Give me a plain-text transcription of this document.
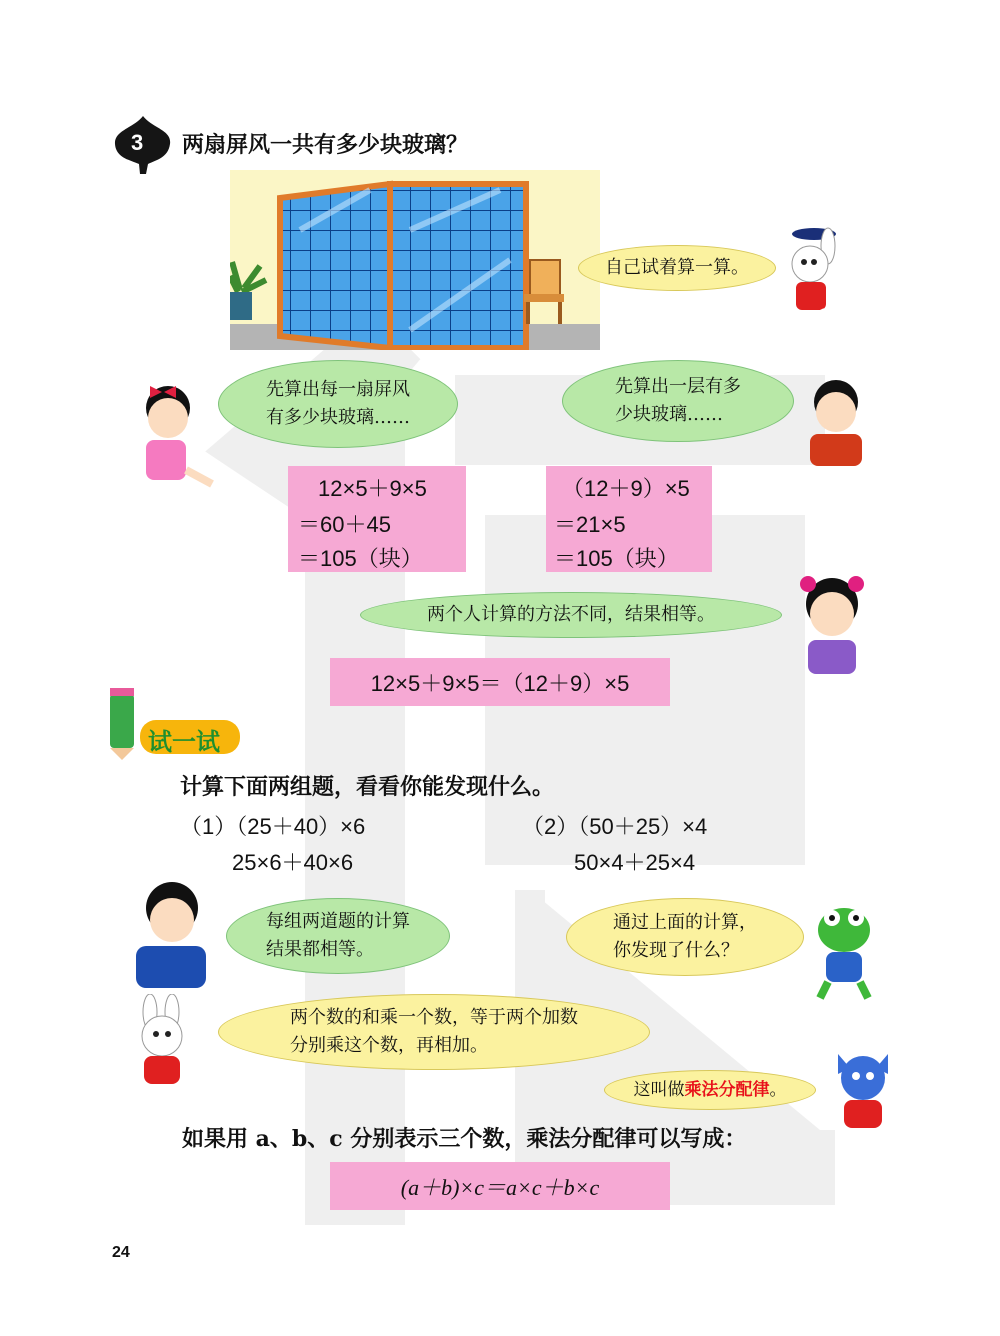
3 两扇屏风一共有多少块玻璃？
自己试着算一算。
先算出每一扇屏风
有多少块玻璃……
先算出一层有多
少块玻璃……
12×5＋9×5
＝60＋45
＝105（块）
（12＋9）×5
＝21×5
＝105（块）
两个人计算的方法不同，结果相等。
12×5＋9×5＝（12＋9）×5
试一试
计算下面两组题，看看你能发现什么。
（1）（25＋40）×6
25×6＋40×6
（2）（50＋25）×4
50×4＋25×4
每组两道题的计算
结果都相等。
通过上面的计算，
你发现了什么？
两个数的和乘一个数，等于两个加数
分别乘这个数，再相加。
这叫做 乘法分配律 。
如果用 a、b、c 分别表示三个数，乘法分配律可以写成：
(a＋b)×c＝a×c＋b×c
24
